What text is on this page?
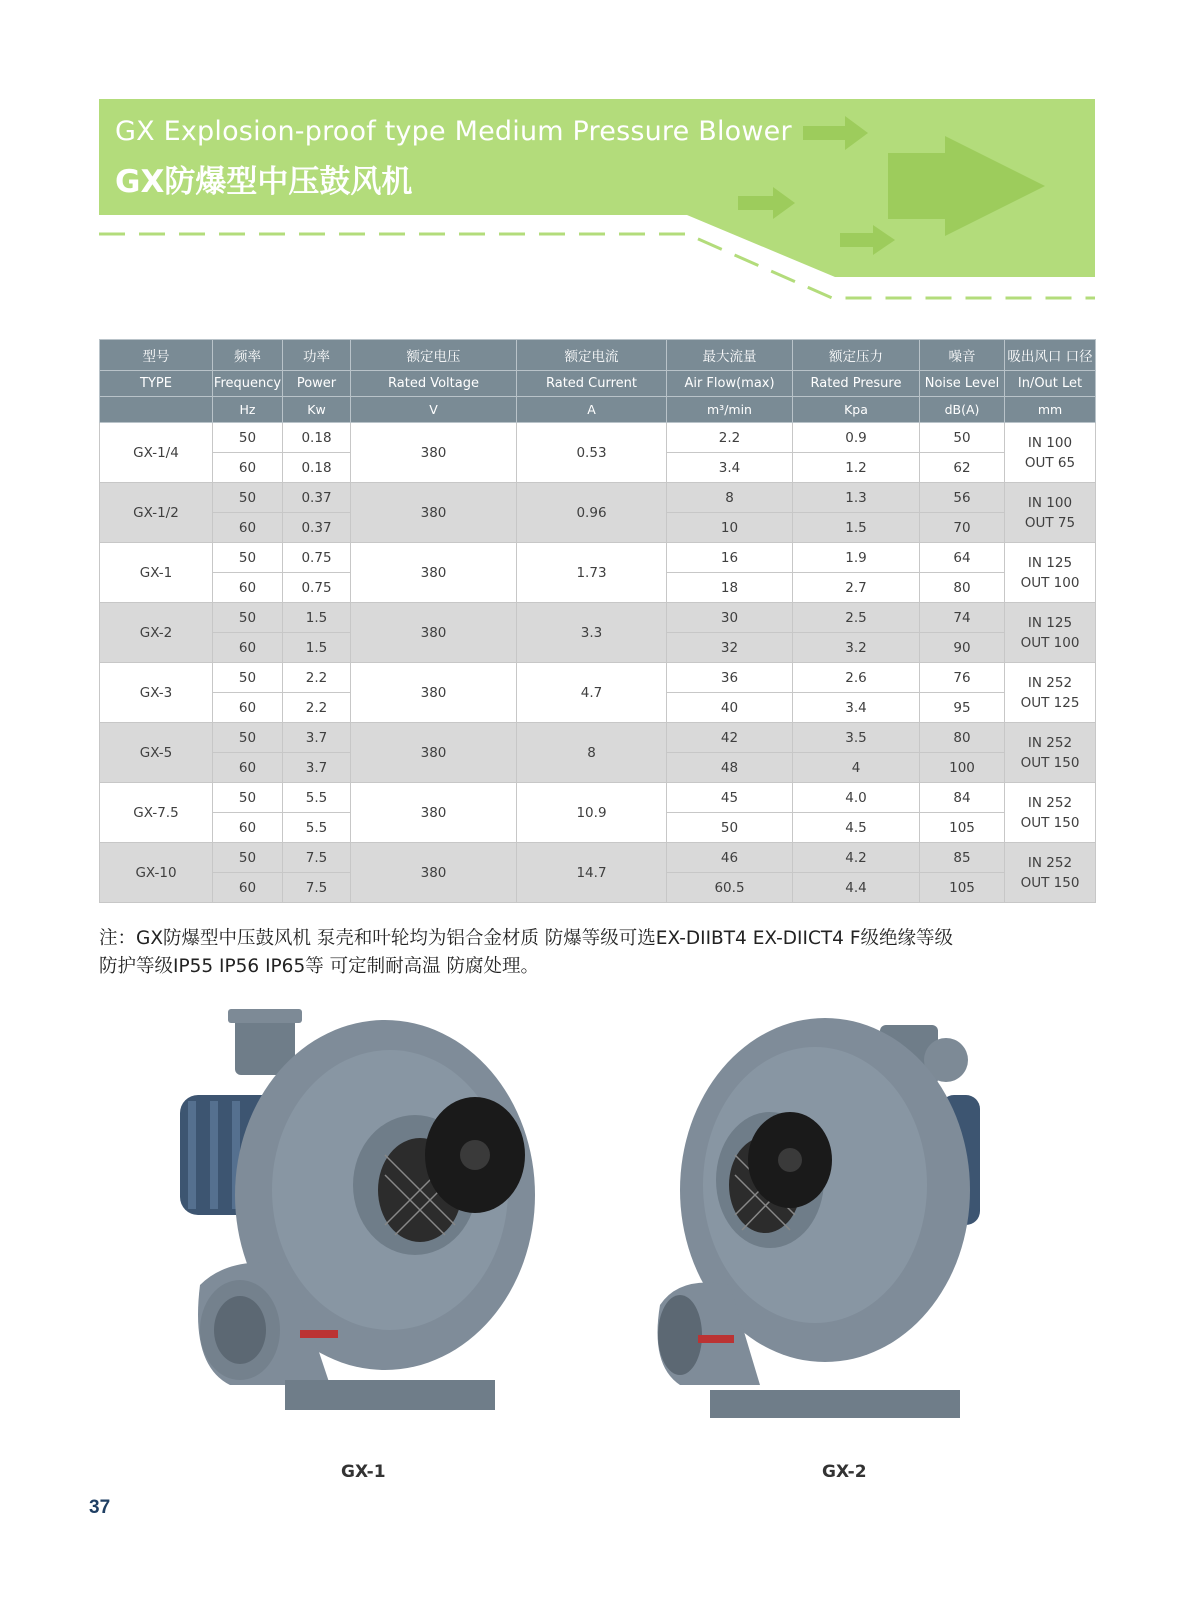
GX Explosion-proof type Medium Pressure Blower
GX防爆型中压鼓风机
型号	频率	功率	额定电压	额定电流	最大流量	额定压力	噪音	吸出风口 口径
TYPE	Frequency	Power	Rated Voltage	Rated Current	Air Flow(max)	Rated Presure	Noise Level	In/Out Let
	Hz	Kw	V	A	m³/min	Kpa	dB(A)	mm
GX-1/4	50	0.18	380	0.53	2.2	0.9	50	IN 100
OUT 65

	60	0.18			3.4	1.2	62	
GX-1/2	50	0.37	380	0.96	8	1.3	56	IN 100
OUT 75

	60	0.37			10	1.5	70	
GX-1	50	0.75	380	1.73	16	1.9	64	IN 125
OUT 100

	60	0.75			18	2.7	80	
GX-2	50	1.5	380	3.3	30	2.5	74	IN 125
OUT 100

	60	1.5			32	3.2	90	
GX-3	50	2.2	380	4.7	36	2.6	76	IN 252
OUT 125

	60	2.2			40	3.4	95	
GX-5	50	3.7	380	8	42	3.5	80	IN 252
OUT 150

	60	3.7			48	4	100	
GX-7.5	50	5.5	380	10.9	45	4.0	84	IN 252
OUT 150

	60	5.5			50	4.5	105	
GX-10	50	7.5	380	14.7	46	4.2	85	IN 252
OUT 150

	60	7.5			60.5	4.4	105	
注：GX防爆型中压鼓风机 泵壳和叶轮均为铝合金材质 防爆等级可选EX-DIIBT4 EX-DIICT4 F级绝缘等级
防护等级IP55 IP56 IP65等 可定制耐高温 防腐处理。
GX-1	GX-2
37
